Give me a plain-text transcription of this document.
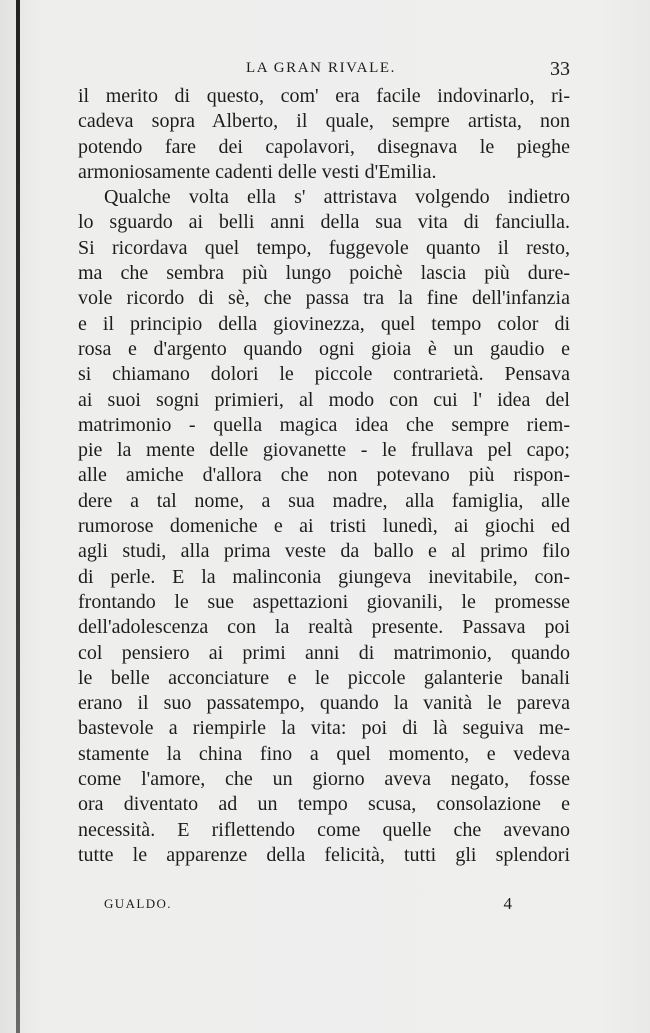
LA GRAN RIVALE.	33
il merito di questo, com' era facile indovinarlo, ri-
cadeva sopra Alberto, il quale, sempre artista, non
potendo fare dei capolavori, disegnava le pieghe
armoniosamente cadenti delle vesti d'Emilia.
Qualche volta ella s' attristava volgendo indietro
lo sguardo ai belli anni della sua vita di fanciulla.
Si ricordava quel tempo, fuggevole quanto il resto,
ma che sembra più lungo poichè lascia più dure-
vole ricordo di sè, che passa tra la fine dell'infanzia
e il principio della giovinezza, quel tempo color di
rosa e d'argento quando ogni gioia è un gaudio e
si chiamano dolori le piccole contrarietà. Pensava
ai suoi sogni primieri, al modo con cui l' idea del
matrimonio - quella magica idea che sempre riem-
pie la mente delle giovanette - le frullava pel capo;
alle amiche d'allora che non potevano più rispon-
dere a tal nome, a sua madre, alla famiglia, alle
rumorose domeniche e ai tristi lunedì, ai giochi ed
agli studi, alla prima veste da ballo e al primo filo
di perle. E la malinconia giungeva inevitabile, con-
frontando le sue aspettazioni giovanili, le promesse
dell'adolescenza con la realtà presente. Passava poi
col pensiero ai primi anni di matrimonio, quando
le belle acconciature e le piccole galanterie banali
erano il suo passatempo, quando la vanità le pareva
bastevole a riempirle la vita: poi di là seguiva me-
stamente la china fino a quel momento, e vedeva
come l'amore, che un giorno aveva negato, fosse
ora diventato ad un tempo scusa, consolazione e
necessità. E riflettendo come quelle che avevano
tutte le apparenze della felicità, tutti gli splendori
GUALDO.	4
